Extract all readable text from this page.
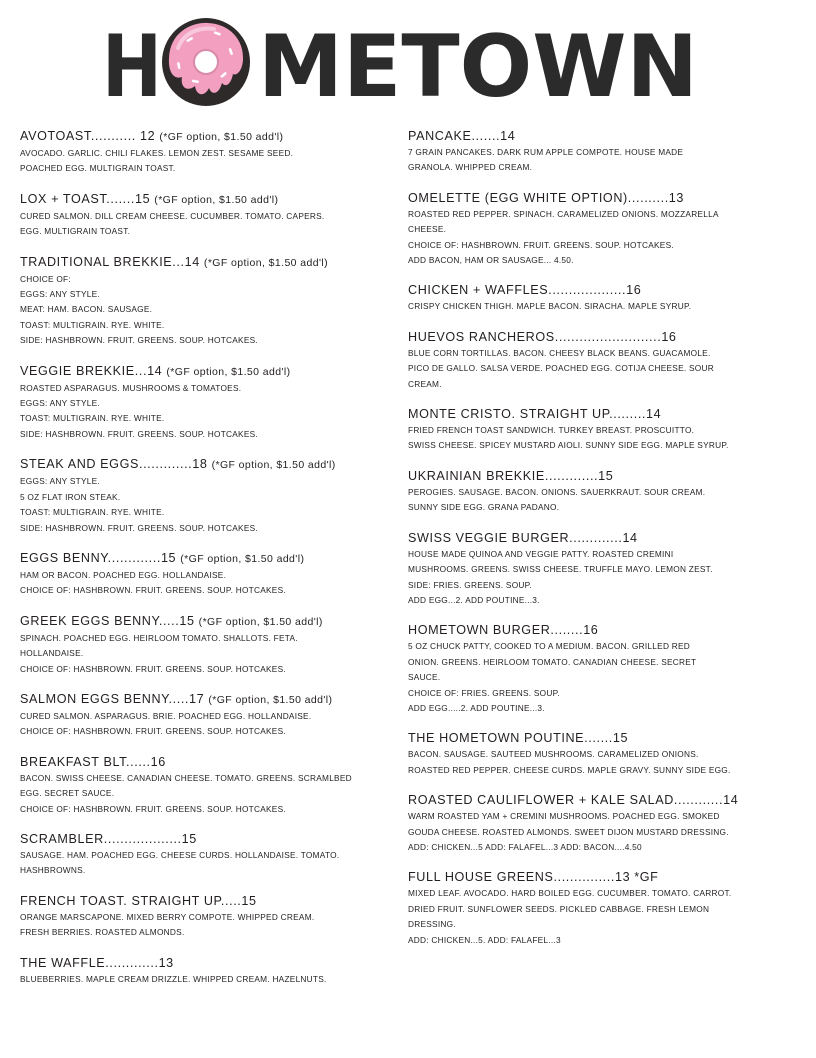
H METOWN
AVOTOAST........... 12 (*GF option, $1.50 add'l)
AVOCADO. GARLIC. CHILI FLAKES. LEMON ZEST. SESAME SEED.
POACHED EGG. MULTIGRAIN TOAST.
LOX + TOAST.......15 (*GF option, $1.50 add'l)
CURED SALMON. DILL CREAM CHEESE. CUCUMBER. TOMATO. CAPERS.
EGG. MULTIGRAIN TOAST.
TRADITIONAL BREKKIE...14 (*GF option, $1.50 add'l)
CHOICE OF:
EGGS: ANY STYLE.
MEAT: HAM. BACON. SAUSAGE.
TOAST: MULTIGRAIN. RYE. WHITE.
SIDE: HASHBROWN. FRUIT. GREENS. SOUP. HOTCAKES.
VEGGIE BREKKIE...14 (*GF option, $1.50 add'l)
ROASTED ASPARAGUS. MUSHROOMS & TOMATOES.
EGGS: ANY STYLE.
TOAST: MULTIGRAIN. RYE. WHITE.
SIDE: HASHBROWN. FRUIT. GREENS. SOUP. HOTCAKES.
STEAK AND EGGS.............18 (*GF option, $1.50 add'l)
EGGS: ANY STYLE.
5 OZ FLAT IRON STEAK.
TOAST: MULTIGRAIN. RYE. WHITE.
SIDE: HASHBROWN. FRUIT. GREENS. SOUP. HOTCAKES.
EGGS BENNY.............15 (*GF option, $1.50 add'l)
HAM OR BACON. POACHED EGG. HOLLANDAISE.
CHOICE OF: HASHBROWN. FRUIT. GREENS. SOUP. HOTCAKES.
GREEK EGGS BENNY.....15 (*GF option, $1.50 add'l)
SPINACH. POACHED EGG. HEIRLOOM TOMATO. SHALLOTS. FETA.
HOLLANDAISE.
CHOICE OF: HASHBROWN. FRUIT. GREENS. SOUP. HOTCAKES.
SALMON EGGS BENNY.....17 (*GF option, $1.50 add'l)
CURED SALMON. ASPARAGUS. BRIE. POACHED EGG. HOLLANDAISE.
CHOICE OF: HASHBROWN. FRUIT. GREENS. SOUP. HOTCAKES.
BREAKFAST BLT......16
BACON. SWISS CHEESE. CANADIAN CHEESE. TOMATO. GREENS. SCRAMLBED
EGG. SECRET SAUCE.
CHOICE OF: HASHBROWN. FRUIT. GREENS. SOUP. HOTCAKES.
SCRAMBLER...................15
SAUSAGE. HAM. POACHED EGG. CHEESE CURDS. HOLLANDAISE. TOMATO.
HASHBROWNS.
FRENCH TOAST. STRAIGHT UP.....15
ORANGE MARSCAPONE. MIXED BERRY COMPOTE. WHIPPED CREAM.
FRESH BERRIES. ROASTED ALMONDS.
THE WAFFLE.............13
BLUEBERRIES. MAPLE CREAM DRIZZLE. WHIPPED CREAM. HAZELNUTS.
PANCAKE.......14
7 GRAIN PANCAKES. DARK RUM APPLE COMPOTE. HOUSE MADE
GRANOLA. WHIPPED CREAM.
OMELETTE (EGG WHITE OPTION)..........13
ROASTED RED PEPPER. SPINACH. CARAMELIZED ONIONS. MOZZARELLA
CHEESE.
CHOICE OF: HASHBROWN. FRUIT. GREENS. SOUP. HOTCAKES.
ADD BACON, HAM OR SAUSAGE... 4.50.
CHICKEN + WAFFLES...................16
CRISPY CHICKEN THIGH. MAPLE BACON. SIRACHA. MAPLE SYRUP.
HUEVOS RANCHEROS..........................16
BLUE CORN TORTILLAS. BACON. CHEESY BLACK BEANS. GUACAMOLE.
PICO DE GALLO. SALSA VERDE. POACHED EGG. COTIJA CHEESE. SOUR
CREAM.
MONTE CRISTO. STRAIGHT UP.........14
FRIED FRENCH TOAST SANDWICH. TURKEY BREAST. PROSCUITTO.
SWISS CHEESE. SPICEY MUSTARD AIOLI. SUNNY SIDE EGG. MAPLE SYRUP.
UKRAINIAN BREKKIE.............15
PEROGIES. SAUSAGE. BACON. ONIONS. SAUERKRAUT. SOUR CREAM.
SUNNY SIDE EGG. GRANA PADANO.
SWISS VEGGIE BURGER.............14
HOUSE MADE QUINOA AND VEGGIE PATTY. ROASTED CREMINI
MUSHROOMS. GREENS. SWISS CHEESE. TRUFFLE MAYO. LEMON ZEST.
SIDE: FRIES. GREENS. SOUP.
ADD EGG...2. ADD POUTINE...3.
HOMETOWN BURGER........16
5 OZ CHUCK PATTY, COOKED TO A MEDIUM. BACON. GRILLED RED
ONION. GREENS. HEIRLOOM TOMATO. CANADIAN CHEESE. SECRET
SAUCE.
CHOICE OF: FRIES. GREENS. SOUP.
ADD EGG.....2. ADD POUTINE...3.
THE HOMETOWN POUTINE.......15
BACON. SAUSAGE. SAUTEED MUSHROOMS. CARAMELIZED ONIONS.
ROASTED RED PEPPER. CHEESE CURDS. MAPLE GRAVY. SUNNY SIDE EGG.
ROASTED CAULIFLOWER + KALE SALAD............14
WARM ROASTED YAM + CREMINI MUSHROOMS. POACHED EGG. SMOKED
GOUDA CHEESE. ROASTED ALMONDS. SWEET DIJON MUSTARD DRESSING.
ADD: CHICKEN...5 ADD: FALAFEL...3 ADD: BACON....4.50
FULL HOUSE GREENS...............13 *GF
MIXED LEAF. AVOCADO. HARD BOILED EGG. CUCUMBER. TOMATO. CARROT.
DRIED FRUIT. SUNFLOWER SEEDS. PICKLED CABBAGE. FRESH LEMON
DRESSING.
ADD: CHICKEN...5. ADD: FALAFEL...3
